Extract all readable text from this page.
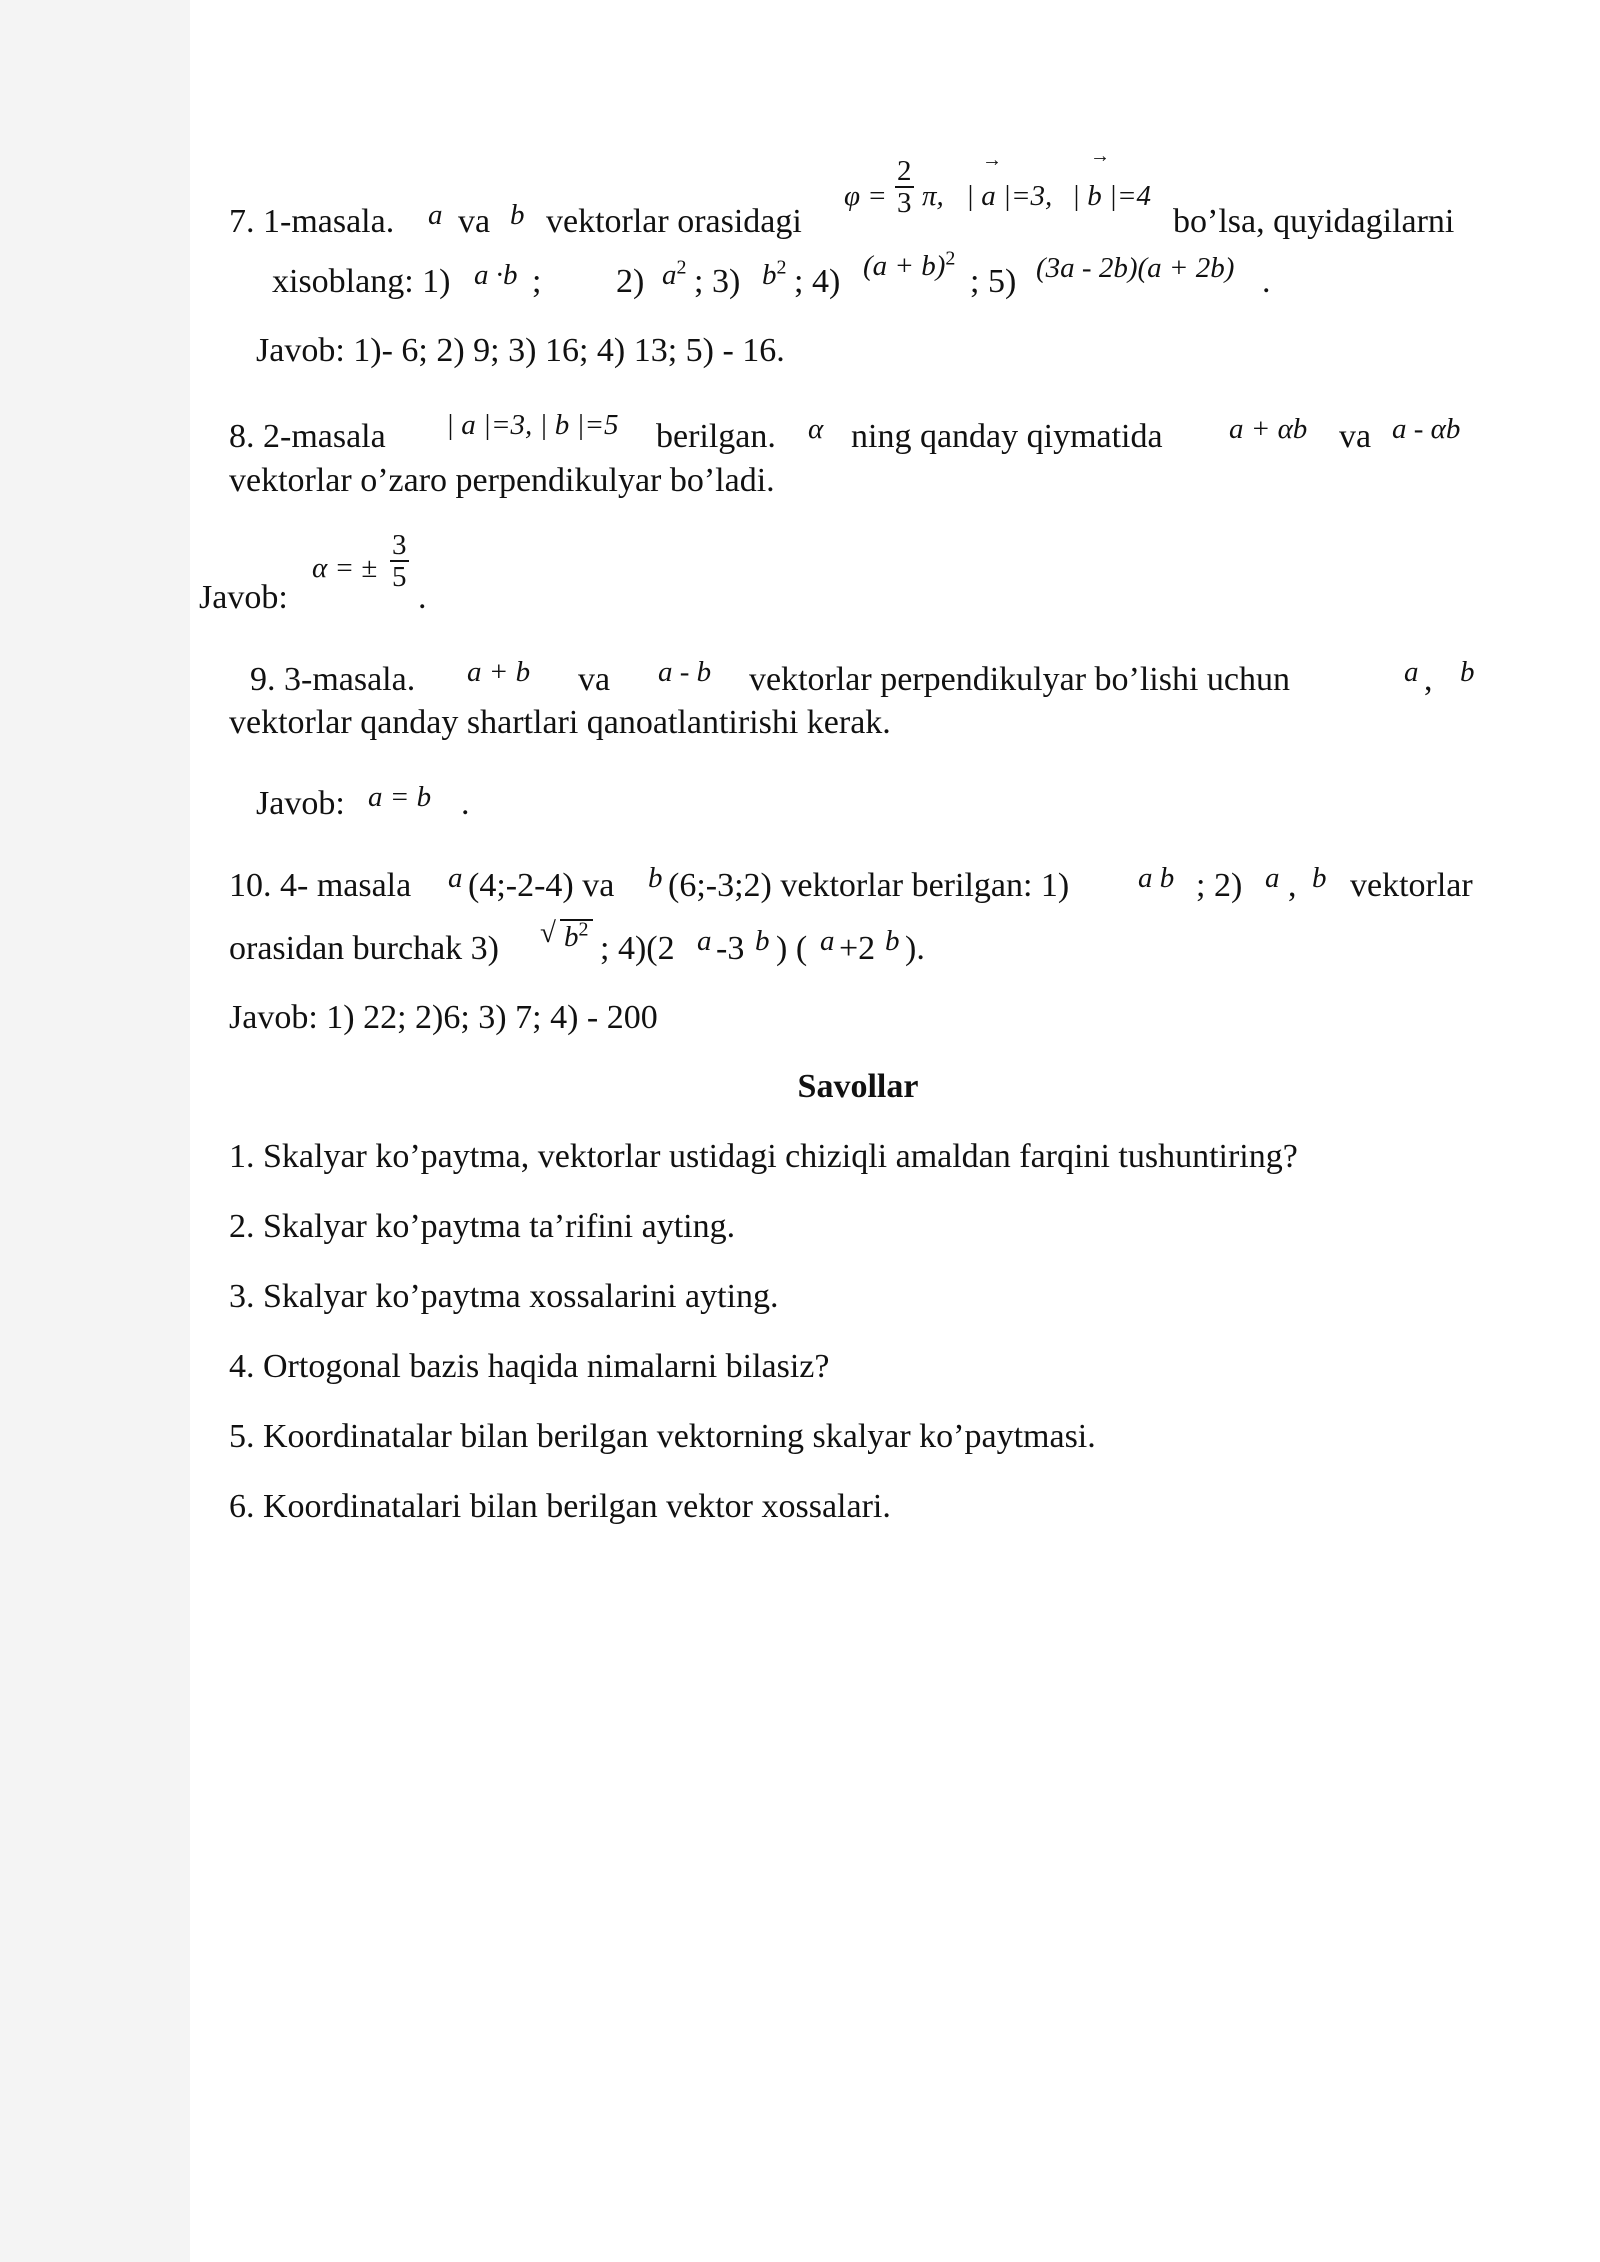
7. 1-masala. a va b vektorlar orasidagi
φ =
2
3 π,
→
| a |=3,
→
| b |=4
bo’lsa, quyidagilarni
xisoblang: 1) a ·b ; 2) $a^2$ ; 3) $b^2$ ; 4) $(a + b)^2$
; 5) (3a - 2b)(a + 2b) .
Javob: 1)- 6; 2) 9; 3) 16; 4) 13; 5) - 16.
8. 2-masala | a |=3, | b |=5 berilgan. α ning qanday qiymatida a + αb va a - αb
vektorlar o’zaro perpendikulyar bo’ladi.
Javob:
α = ±
3
5
.
9. 3-masala. a + b va a - b vektorlar perpendikulyar bo’lishi uchun	a , b
vektorlar qanday shartlari qanoatlantirishi kerak.
Javob: a = b .
10. 4- masala a (4;-2-4) va b (6;-3;2) vektorlar berilgan: 1) a b ; 2) a , b vektorlar
orasidan burchak 3) √ $b^2$
; 4)(2 a -3 b ) ( a +2 b ).
Javob: 1) 22; 2)6; 3) 7; 4) - 200
Savollar
1. Skalyar ko’paytma, vektorlar ustidagi chiziqli amaldan farqini tushuntiring?
2. Skalyar ko’paytma ta’rifini ayting.
3. Skalyar ko’paytma xossalarini ayting.
4. Ortogonal bazis haqida nimalarni bilasiz?
5. Koordinatalar bilan berilgan vektorning skalyar ko’paytmasi.
6. Koordinatalari bilan berilgan vektor xossalari.
